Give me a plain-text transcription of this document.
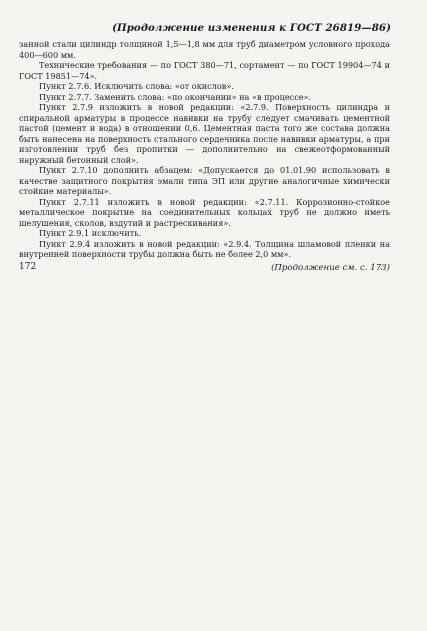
(Продолжение изменения к ГОСТ 26819—86)

занной стали цилиндр толщиной 1,5—1,8 мм для труб диаметром условного прохода 400—600 мм.

Технические требования — по ГОСТ 380—71, сортамент — по ГОСТ 19904—74 и ГОСТ 19851—74».

Пункт 2.7.6. Исключить слова: «от окислов».

Пункт 2.7.7. Заменить слова: «по окончании» на «в процессе».

Пункт 2.7.9 изложить в новой редакции: «2.7.9. Поверхность цилиндра и спиральной арматуры в процессе навивки на трубу следует смачивать цементной пастой (цемент и вода) в отношении 0,6. Цементная паста того же состава должна быть нанесена на поверхность стального сердечника после навивки арматуры, а при изготовлении труб без пропитки — дополнительно на свежеотформованный наружный бетонный слой».

Пункт 2.7.10 дополнить абзацем: «Допускается до 01.01.90 использовать в качестве защитного покрытия эмали типа ЭП или другие аналогичные химически стойкие материалы».

Пункт 2.7.11 изложить в новой редакции: «2.7.11. Коррозионно-стойкое металлическое покрытие на соединительных кольцах труб не должно иметь шелушения, сколов, вздутий и растрескивания».

Пункт 2.9.1 исключить.

Пункт 2.9.4 изложить в новой редакции: «2.9.4. Толщина шламовой пленки на внутренней поверхности трубы должна быть не более 2,0 мм».

(Продолжение см. с. 173)

172
